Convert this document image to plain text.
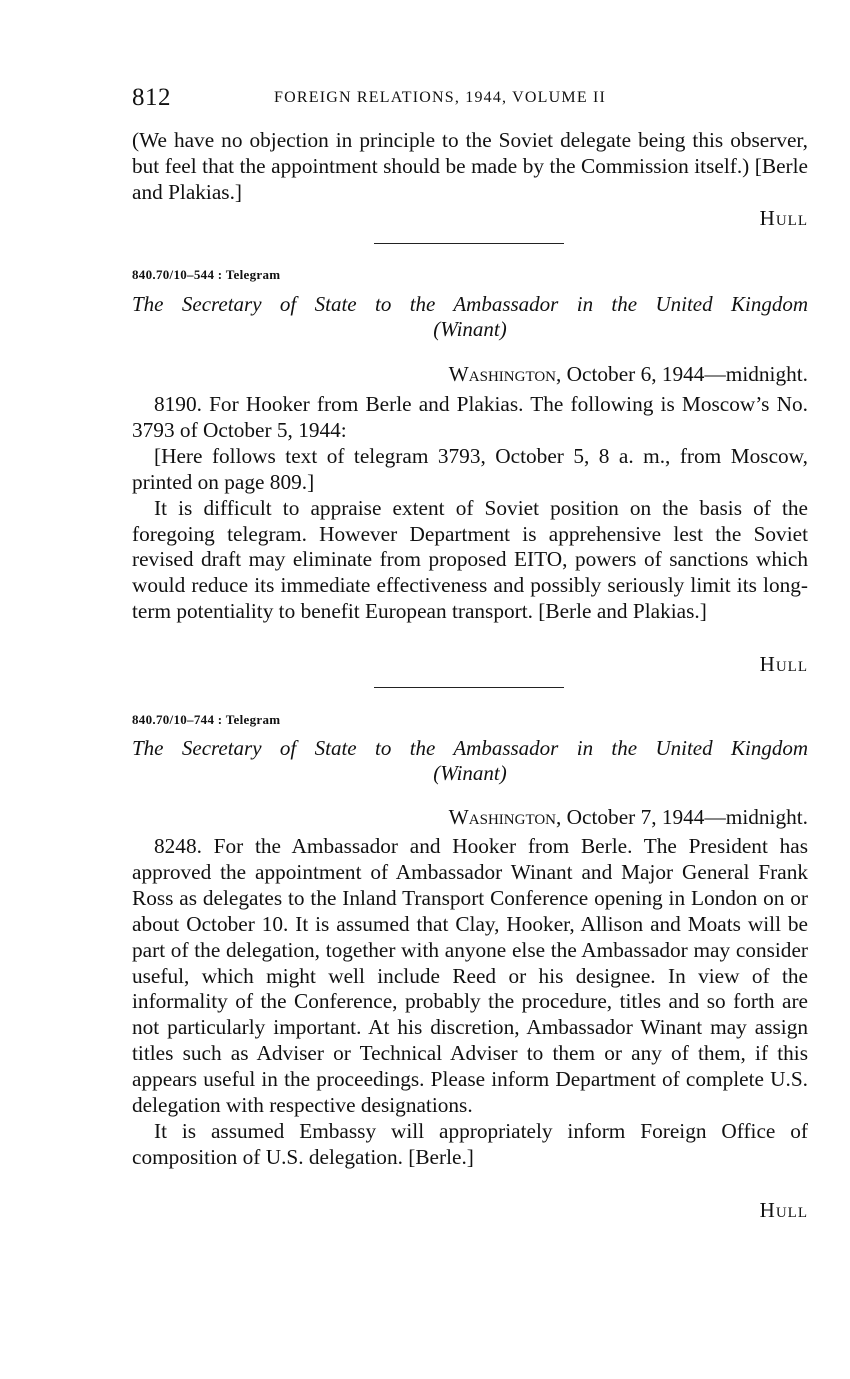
812	FOREIGN RELATIONS, 1944, VOLUME II

(We have no objection in principle to the Soviet delegate being this observer, but feel that the appointment should be made by the Commission itself.) [Berle and Plakias.]

Hull
840.70/10–544 : Telegram
The Secretary of State to the Ambassador in the United Kingdom
(Winant)
Washington, October 6, 1944—midnight.

8190. For Hooker from Berle and Plakias. The following is Moscow’s No. 3793 of October 5, 1944:

[Here follows text of telegram 3793, October 5, 8 a. m., from Moscow, printed on page 809.]

It is difficult to appraise extent of Soviet position on the basis of the foregoing telegram. However Department is apprehensive lest the Soviet revised draft may eliminate from proposed EITO, powers of sanctions which would reduce its immediate effectiveness and possibly seriously limit its long-term potentiality to benefit European transport. [Berle and Plakias.]

Hull
840.70/10–744 : Telegram
The Secretary of State to the Ambassador in the United Kingdom
(Winant)
Washington, October 7, 1944—midnight.

8248. For the Ambassador and Hooker from Berle. The President has approved the appointment of Ambassador Winant and Major General Frank Ross as delegates to the Inland Transport Conference opening in London on or about October 10. It is assumed that Clay, Hooker, Allison and Moats will be part of the delegation, together with anyone else the Ambassador may consider useful, which might well include Reed or his designee. In view of the informality of the Conference, probably the procedure, titles and so forth are not particularly important. At his discretion, Ambassador Winant may assign titles such as Adviser or Technical Adviser to them or any of them, if this appears useful in the proceedings. Please inform Department of complete U.S. delegation with respective designations.

It is assumed Embassy will appropriately inform Foreign Office of composition of U.S. delegation. [Berle.]

Hull
